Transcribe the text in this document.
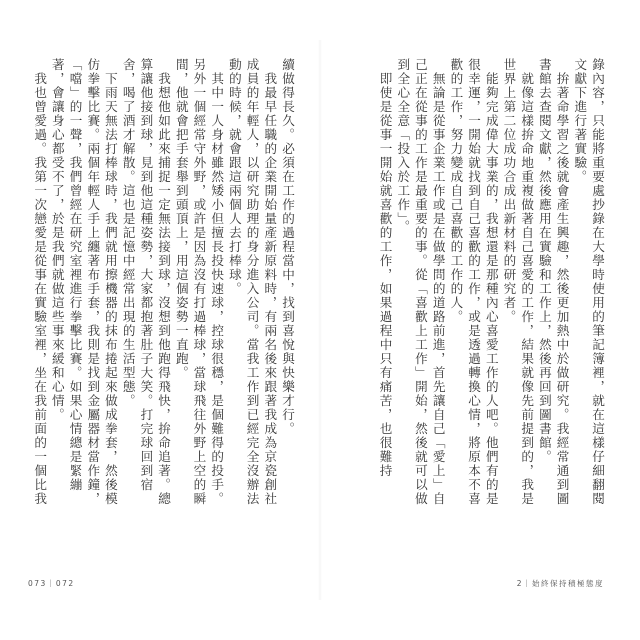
續做得長久。必須在工作的過程當中，找到喜悅與快樂才行。
　我最早任職的企業開始量產新原料時，有兩名後來跟著我成為京瓷創社成員的年輕人，以研究助理的身分進入公司。當我工作到已經完全沒辦法動的時候，就會跟這兩個人去打棒球。
　其中一人身材雖然矮小但擅長投快速球，控球很穩，是個難得的投手。另外一個經常守外野，或許是因為沒有打過棒球，當球飛往外野上空的瞬間，他就會把手套舉到頭頂上，用這個姿勢一直跑。
　我想他如此來捕捉一定無法接到球，沒想到他跑得飛快，拚命追著。總算讓他接到球，見到他這種姿勢，大家都抱著肚子大笑。打完球回到宿舍，喝了酒才解散。這也是記憶中經常出現的生活型態。
　下雨天無法打棒球時，我們就用擦機器的抹布捲起來做成拳套，然後模仿拳擊比賽。兩個年輕人手上纏著布手套，我則是找到金屬器材當作鐘，「噹」的一聲，我們曾經在研究室裡進行拳擊比賽。如果心情總是緊繃著，會讓身心都受不了，於是我們就做這些事來緩和心情。
　我也曾愛過。我第一次戀愛是從事在實驗室裡，坐在我前面的一個比我
073｜072
錄內容，只能將重要處抄錄在大學時使用的筆記簿裡，就在這樣仔細翻閱文獻下進行著實驗。
　拚著命學習之後就會產生興趣，然後更加熱中於做研究。我經常通到圖書館去查閱文獻，然後應用在實驗和工作上，然後再回到圖書館。
　就像這樣拚命地重複做著自己喜愛的工作，結果就像先前提到的，我是世界上第二位成功合成出新材料的研究者。
　能夠完成偉大事業的，我想還是那種內心喜愛工作的人吧。他們有的是很幸運，一開始就找到自己喜歡的工作，或是透過轉換心情，將原本不喜歡的工作，努力變成自己喜歡的工作的人。
　無論是從事企業工作或是在做學問的道路前進，首先讓自己「愛上」自己正在從事的工作是最重要的事。從「喜歡上工作」開始，然後就可以做到全心全意「投入於工作」。
　即使是從事一開始就喜歡的工作，如果過程中只有痛苦，也很難持
2｜始終保持積極態度
